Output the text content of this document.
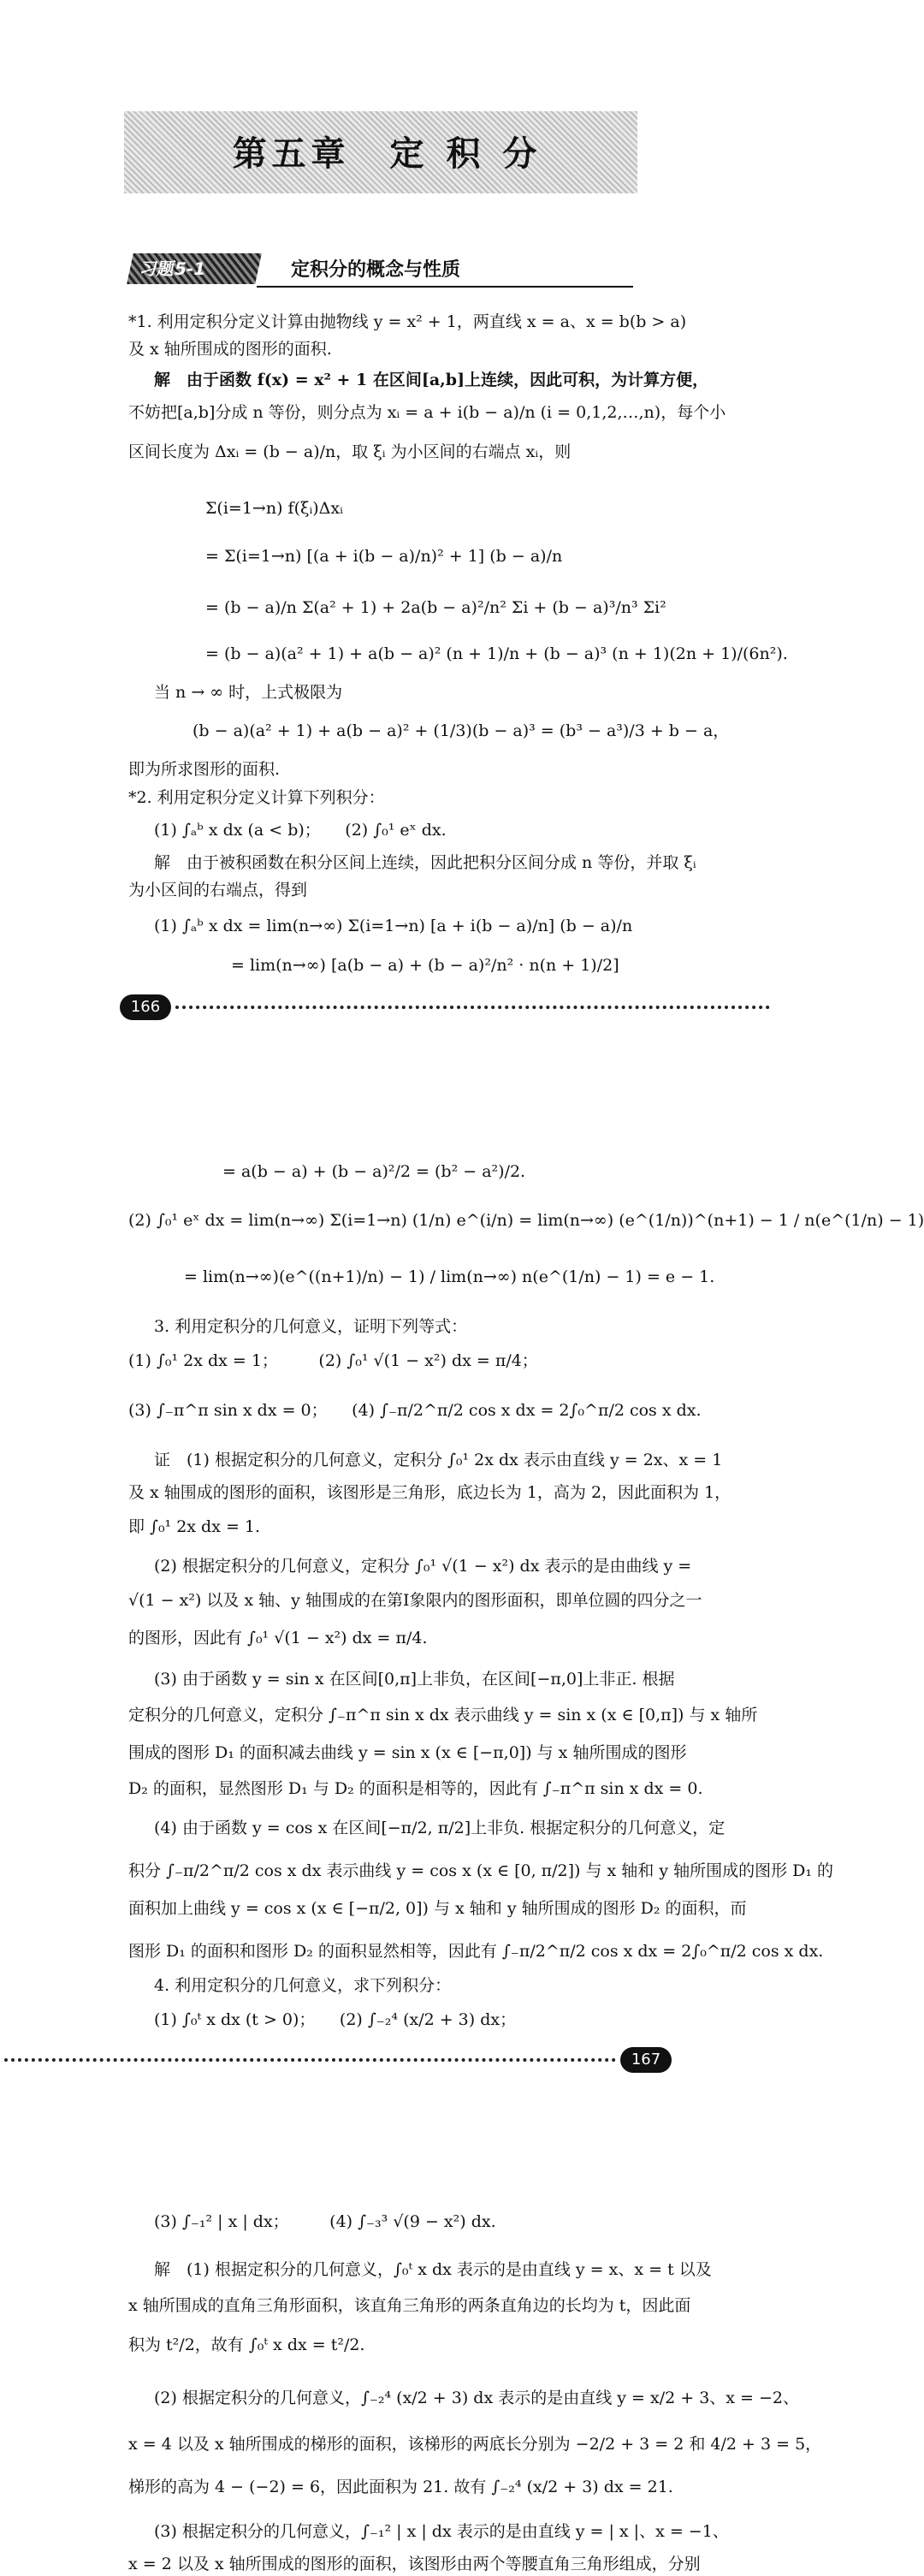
第五章　定 积 分
习题5-1	定积分的概念与性质
*1. 利用定积分定义计算由抛物线 y = x² + 1，两直线 x = a、x = b(b > a)
及 x 轴所围成的图形的面积.
解　由于函数 f(x) = x² + 1 在区间[a,b]上连续，因此可积，为计算方便，
不妨把[a,b]分成 n 等份，则分点为 xᵢ = a + i(b − a)/n (i = 0,1,2,…,n)，每个小
区间长度为 Δxᵢ = (b − a)/n，取 ξᵢ 为小区间的右端点 xᵢ，则
Σ(i=1→n) f(ξᵢ)Δxᵢ
= Σ(i=1→n) [(a + i(b − a)/n)² + 1] (b − a)/n
= (b − a)/n Σ(a² + 1) + 2a(b − a)²/n² Σi + (b − a)³/n³ Σi²
= (b − a)(a² + 1) + a(b − a)² (n + 1)/n + (b − a)³ (n + 1)(2n + 1)/(6n²).
当 n → ∞ 时，上式极限为
(b − a)(a² + 1) + a(b − a)² + (1/3)(b − a)³ = (b³ − a³)/3 + b − a，
即为所求图形的面积.
*2. 利用定积分定义计算下列积分：
(1) ∫ₐᵇ x dx (a < b)；　　(2) ∫₀¹ eˣ dx.
解　由于被积函数在积分区间上连续，因此把积分区间分成 n 等份，并取 ξᵢ
为小区间的右端点，得到
(1) ∫ₐᵇ x dx = lim(n→∞) Σ(i=1→n) [a + i(b − a)/n] (b − a)/n
= lim(n→∞) [a(b − a) + (b − a)²/n² · n(n + 1)/2]
166
= a(b − a) + (b − a)²/2 = (b² − a²)/2.
(2) ∫₀¹ eˣ dx = lim(n→∞) Σ(i=1→n) (1/n) e^(i/n) = lim(n→∞) (e^(1/n))^(n+1) − 1 / n(e^(1/n) − 1)
= lim(n→∞)(e^((n+1)/n) − 1) / lim(n→∞) n(e^(1/n) − 1) = e − 1.
3. 利用定积分的几何意义，证明下列等式：
(1) ∫₀¹ 2x dx = 1；　　　(2) ∫₀¹ √(1 − x²) dx = π/4；
(3) ∫₋π^π sin x dx = 0；　　(4) ∫₋π/2^π/2 cos x dx = 2∫₀^π/2 cos x dx.
证　(1) 根据定积分的几何意义，定积分 ∫₀¹ 2x dx 表示由直线 y = 2x、x = 1
及 x 轴围成的图形的面积，该图形是三角形，底边长为 1，高为 2，因此面积为 1，
即 ∫₀¹ 2x dx = 1.
(2) 根据定积分的几何意义，定积分 ∫₀¹ √(1 − x²) dx 表示的是由曲线 y =
√(1 − x²) 以及 x 轴、y 轴围成的在第Ⅰ象限内的图形面积，即单位圆的四分之一
的图形，因此有 ∫₀¹ √(1 − x²) dx = π/4.
(3) 由于函数 y = sin x 在区间[0,π]上非负，在区间[−π,0]上非正. 根据
定积分的几何意义，定积分 ∫₋π^π sin x dx 表示曲线 y = sin x (x ∈ [0,π]) 与 x 轴所
围成的图形 D₁ 的面积减去曲线 y = sin x (x ∈ [−π,0]) 与 x 轴所围成的图形
D₂ 的面积，显然图形 D₁ 与 D₂ 的面积是相等的，因此有 ∫₋π^π sin x dx = 0.
(4) 由于函数 y = cos x 在区间[−π/2, π/2]上非负. 根据定积分的几何意义，定
积分 ∫₋π/2^π/2 cos x dx 表示曲线 y = cos x (x ∈ [0, π/2]) 与 x 轴和 y 轴所围成的图形 D₁ 的
面积加上曲线 y = cos x (x ∈ [−π/2, 0]) 与 x 轴和 y 轴所围成的图形 D₂ 的面积，而
图形 D₁ 的面积和图形 D₂ 的面积显然相等，因此有 ∫₋π/2^π/2 cos x dx = 2∫₀^π/2 cos x dx.
4. 利用定积分的几何意义，求下列积分：
(1) ∫₀ᵗ x dx (t > 0)；　　(2) ∫₋₂⁴ (x/2 + 3) dx；
167
(3) ∫₋₁² | x | dx；　　　(4) ∫₋₃³ √(9 − x²) dx.
解　(1) 根据定积分的几何意义，∫₀ᵗ x dx 表示的是由直线 y = x、x = t 以及
x 轴所围成的直角三角形面积，该直角三角形的两条直角边的长均为 t，因此面
积为 t²/2，故有 ∫₀ᵗ x dx = t²/2.
(2) 根据定积分的几何意义，∫₋₂⁴ (x/2 + 3) dx 表示的是由直线 y = x/2 + 3、x = −2、
x = 4 以及 x 轴所围成的梯形的面积，该梯形的两底长分别为 −2/2 + 3 = 2 和 4/2 + 3 = 5，
梯形的高为 4 − (−2) = 6，因此面积为 21. 故有 ∫₋₂⁴ (x/2 + 3) dx = 21.
(3) 根据定积分的几何意义，∫₋₁² | x | dx 表示的是由直线 y = | x |、x = −1、
x = 2 以及 x 轴所围成的图形的面积，该图形由两个等腰直角三角形组成，分别
